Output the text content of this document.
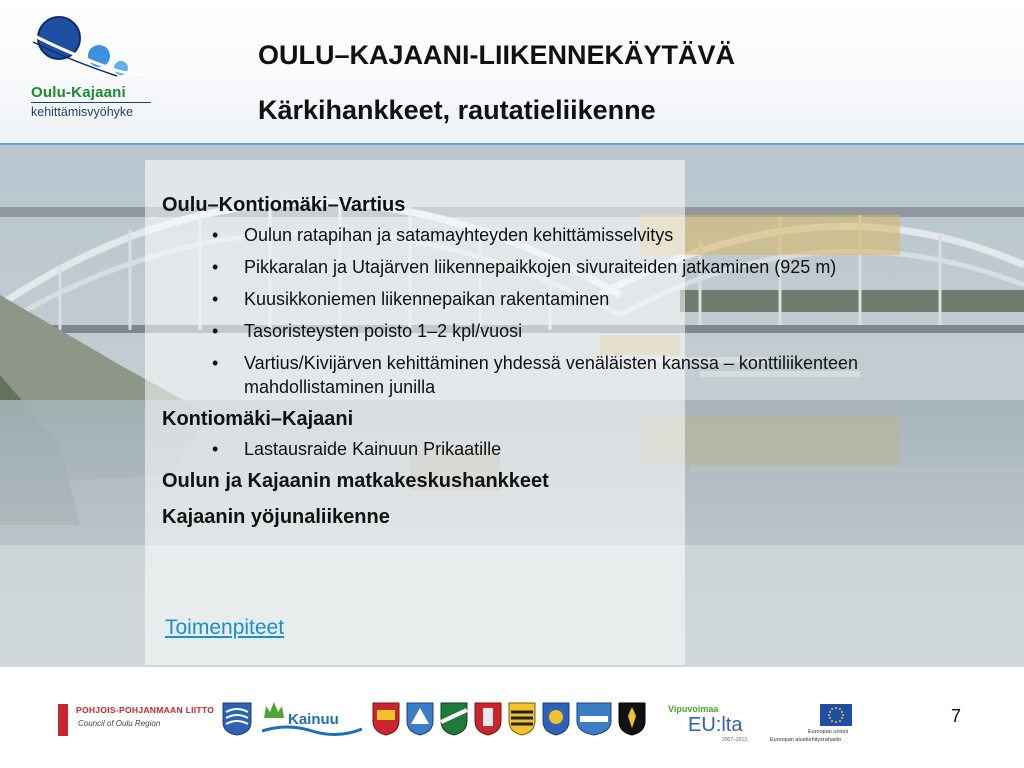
Oulu-Kajaani
kehittämisvyöhyke
OULU–KAJAANI-LIIKENNEKÄYTÄVÄ
Kärkihankkeet, rautatieliikenne

Oulu–Kontiomäki–Vartius

• Oulun ratapihan ja satamayhteyden kehittämisselvitys
• Pikkaralan ja Utajärven liikennepaikkojen sivuraiteiden jatkaminen (925 m)
• Kuusikkoniemen liikennepaikan rakentaminen
• Tasoristeysten poisto 1–2 kpl/vuosi
• Vartius/Kivijärven kehittäminen yhdessä venäläisten kanssa – konttiliikenteen mahdollistaminen junilla

Kontiomäki–Kajaani

• Lastausraide Kainuun Prikaatille

Oulun ja Kajaanin matkakeskushankkeet

Kajaanin yöjunaliikenne

Toimenpiteet
POHJOIS-POHJANMAAN LIITTO
Council of Oulu Region	Kainuu
Vipuvoimaa
EU:lta
2007–2013
Euroopan unioni
Euroopan aluekehitysrahasto
7
